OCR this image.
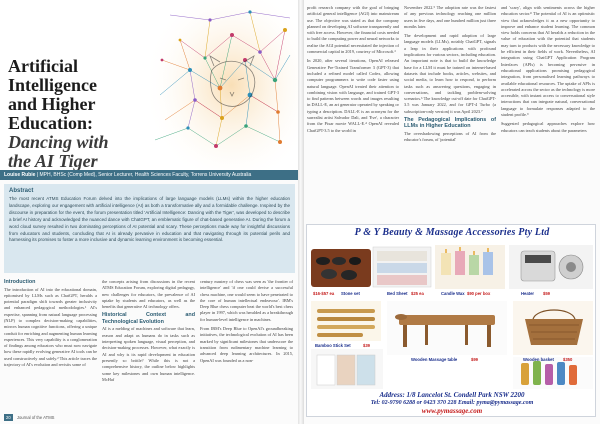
Artificial
Intelligence
and Higher
Education:

Dancing with
the AI Tiger
Louise Rubie | MPH, BHSc (Comp Med), Senior Lecturer, Health Sciences Faculty, Torrens University Australia
Abstract

The most recent ATMS Education Forum delved into the implications of large language models (LLMs) within the higher education landscape, exploring our engagement with artificial intelligence (AI) as both a transformative ally and a formidable challenge. Inspired by the discourse in preparation for the event, the forum presentation titled 'Artificial Intelligence: Dancing with the Tiger', was developed to describe a brief AI history and acknowledged the nuanced dance with ChatGPT, an emblematic figure of chat-based generative AI. During the forum a word cloud survey resulted in two dominating perceptions of AI potential and scary. These perceptions made way for insightful discussions from educators and students, concluding that AI is already pervasive in education and that navigating through its potential perils and harnessing its promises to foster a more inclusive and dynamic learning environment is becoming essential.

Introduction

The introduction of AI into the educational domain, epitomised by LLMs such as ChatGPT, heralds a potential paradigm shift towards greater inclusivity and enhanced pedagogical methodologies.¹ AI's expertise, spanning from natural language processing (NLP) to complex decision-making capabilities, mirrors human cognitive functions, offering a unique conduit for enriching and augmenting human learning experiences. This very capability is a conglomeration of findings among educators who must now navigate how these rapidly evolving generative AI tools can be used constructively and safely.² This article traces the trajectory of AI's evolution and revisits some of

the concepts arising from discussions in the recent ATMS Education Forum, exploring digital pedagogy, new challenges for educators, the prevalence of AI uptake by students and educators, as well as the benefits that generative AI technology offers.

Historical Context and Technological Evolution

AI is a melding of machines and software that learn, reason and adapt as humans do in tasks such as interpreting spoken language, visual perception, and decision-making processes. However, what exactly is AI and why is its rapid development in education presently so brittle? While this is not a comprehensive history, the outline below highlights some key milestones and own human intelligence. McHaf

century mastery of chess was seen as 'the frontier of intelligence' and 'if one could devise a successful chess machine, one would seem to have penetrated to the core of human intellectual endeavour'. IBM's Deep Blue chess computer beat the world's best chess player in 1997, which was heralded as a breakthrough for human-level intelligence in machines.

From IBM's Deep Blue to OpenAI's groundbreaking initiatives, the technological evolution of AI has been marked by significant milestones that underscore the transition from rudimentary machine learning to advanced deep learning architectures. In 2015, OpenAI was founded as a non-

20 Journal of the ATMS

profit research company with the goal of bringing artificial general intelligence (AGI) into mainstream use. The objective was stated as that the company planned on developing AI software transparently and with free access. However, the financial costs needed to build the computing power and neural networks to realise the AGI potential necessitated the injection of commercial capital in 2019, courtesy of Microsoft.³

In 2020, after several iterations, OpenAI released Generative Pre-Trained Transformer 3 (GPT-3) that included a refined model called Codex, allowing computer programmers to write code faster using natural language. OpenAI treated their attention to combining vision with language, and trained GPT-3 to find patterns between words and images resulting in DALL-E, an art generator operated by speaking or typing a description. DALL-E is an acronym for the surrealist artist Salvador Dali, and 'Eve', a character from the Pixar movie WALL-E.⁴ OpenAI revealed ChatGPT-3.5 to the world in

November 2022.⁵ The adoption rate was the fastest of any previous technology reaching one million users in five days, and one hundred million just three months later.

The development and rapid adoption of large language models (LLMs), notably ChatGPT, signals a leap in their applications with profound implications for various sectors, including education. An important note is that to build the knowledge base for a LLM it must be trained on internet-based datasets that include books, articles, websites, and social media, to learn how to respond, to perform tasks such as answering questions, engaging in conversations, and tackling problem-solving scenarios.⁶ The knowledge cut-off date for ChatGPT-3.5 was January 2022, and for GPT-4 Turbo (a subscription-only version) it was April 2023.⁷

The Pedagogical Implications of LLMs in Higher Education

The overshadowing perceptions of AI from the educator's forum, of 'potential'

and 'scary', align with sentiments across the higher education sector.⁸ The potential of AI is an optimistic view that acknowledges it as a new opportunity to improve and enhance student learning. The common view holds concerns that AI heralds a reduction in the value of education with the potential that students may turn to products with the necessary knowledge to be efficient in their fields of work. Nevertheless, AI integration using ChatGPT Application Program Interfaces (APIs) is becoming pervasive in educational applications promising pedagogical integration, from personalised learning pathways to available educational resources. The uptake of APIs is accelerated across the sector as the technology is more accessible, with instant access to conversational style interactions that can integrate natural, conversational language to formulate responses adapted to the student profile.⁹

Suggested pedagogical approaches explore how educators can teach students about the parameters

P & Y Beauty & Massage Accessories Pty Ltd
$16-$57 ea Stone set	Bed Sheet $25 ea	Candle Wax $90 per box	Heater $59
Bamboo Stick Set	$39
Wooden Massage table	$99	Wooden basket $350
Address: 1/8 Lancelot St. Condell Park NSW 2200
Tel: 02-9790 6288 or 0423 370 228 Email: pyma@pymassage.com
www.pymassage.com
